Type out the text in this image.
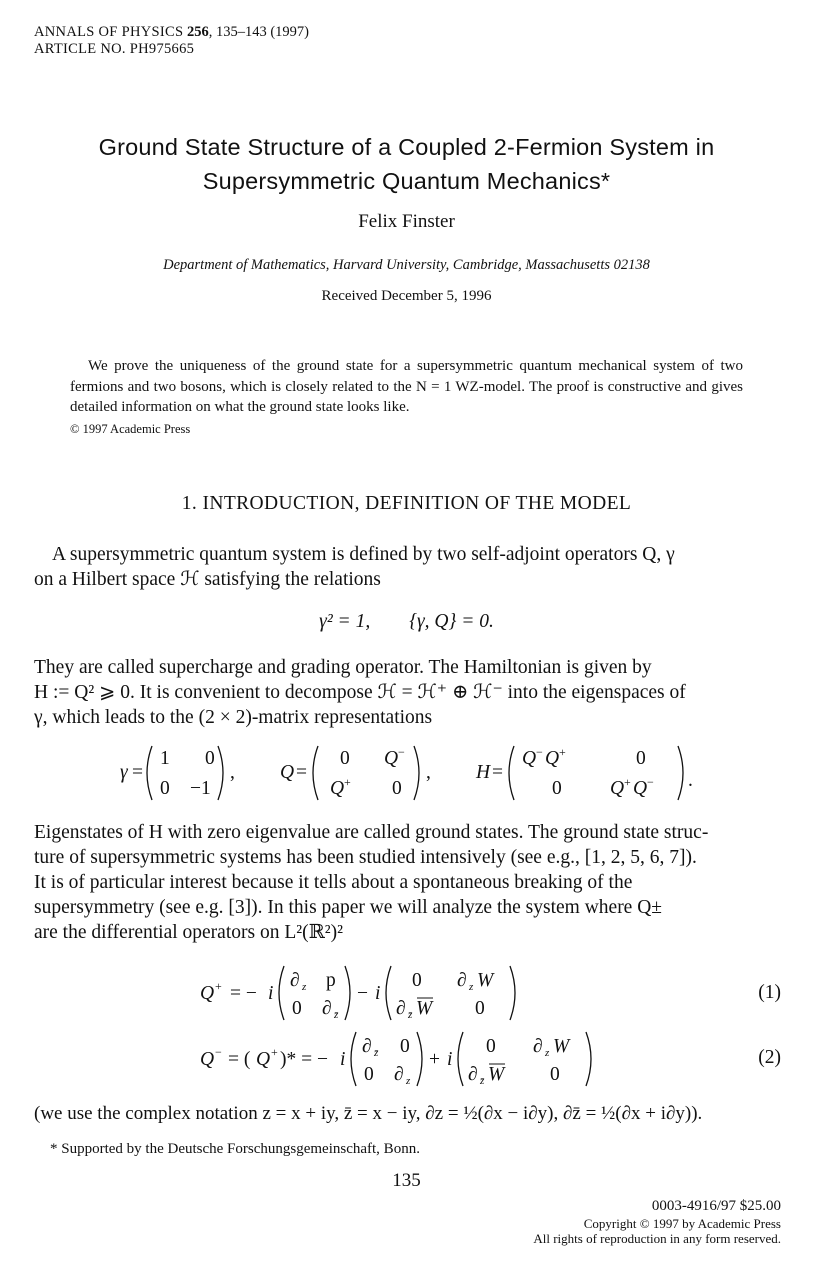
ANNALS OF PHYSICS 256, 135–143 (1997)
ARTICLE NO. PH975665
Ground State Structure of a Coupled 2-Fermion System in
Supersymmetric Quantum Mechanics*
Felix Finster
Department of Mathematics, Harvard University, Cambridge, Massachusetts 02138
Received December 5, 1996
We prove the uniqueness of the ground state for a supersymmetric quantum mechanical system of two fermions and two bosons, which is closely related to the N = 1 WZ-model. The proof is constructive and gives detailed information on what the ground state looks like.
© 1997 Academic Press
1. INTRODUCTION, DEFINITION OF THE MODEL
A supersymmetric quantum system is defined by two self-adjoint operators Q, γ
on a Hilbert space ℋ satisfying the relations
γ² = 1,        {γ, Q} = 0.
They are called supercharge and grading operator. The Hamiltonian is given by
H := Q² ⩾ 0. It is convenient to decompose ℋ = ℋ⁺ ⊕ ℋ⁻ into the eigenspaces of
γ, which leads to the (2 × 2)-matrix representations
γ =
1 0
0 −1
, Q =
0 Q −
Q + 0
, H =
Q − Q +	0
0 Q + Q − .
Eigenstates of H with zero eigenvalue are called ground states. The ground state struc-
ture of supersymmetric systems has been studied intensively (see e.g., [1, 2, 5, 6, 7]).
It is of particular interest because it tells about a spontaneous breaking of the
supersymmetry (see e.g. [3]). In this paper we will analyze the system where Q±
are the differential operators on L²(ℝ²)²
Q + = − i
∂ z p
0 ∂ z̄
− i
0 ∂ z W
∂ z̄ W 0
(1)
Q − = ( Q + )* = − i
∂ z̄ 0
0 ∂ z
+ i
0 ∂ z W
∂ z̄ W 0
(2)
(we use the complex notation z = x + iy, z̄ = x − iy, ∂z = ½(∂x − i∂y), ∂z̄ = ½(∂x + i∂y)).
* Supported by the Deutsche Forschungsgemeinschaft, Bonn.
135
0003-4916/97 $25.00
Copyright © 1997 by Academic Press
All rights of reproduction in any form reserved.
